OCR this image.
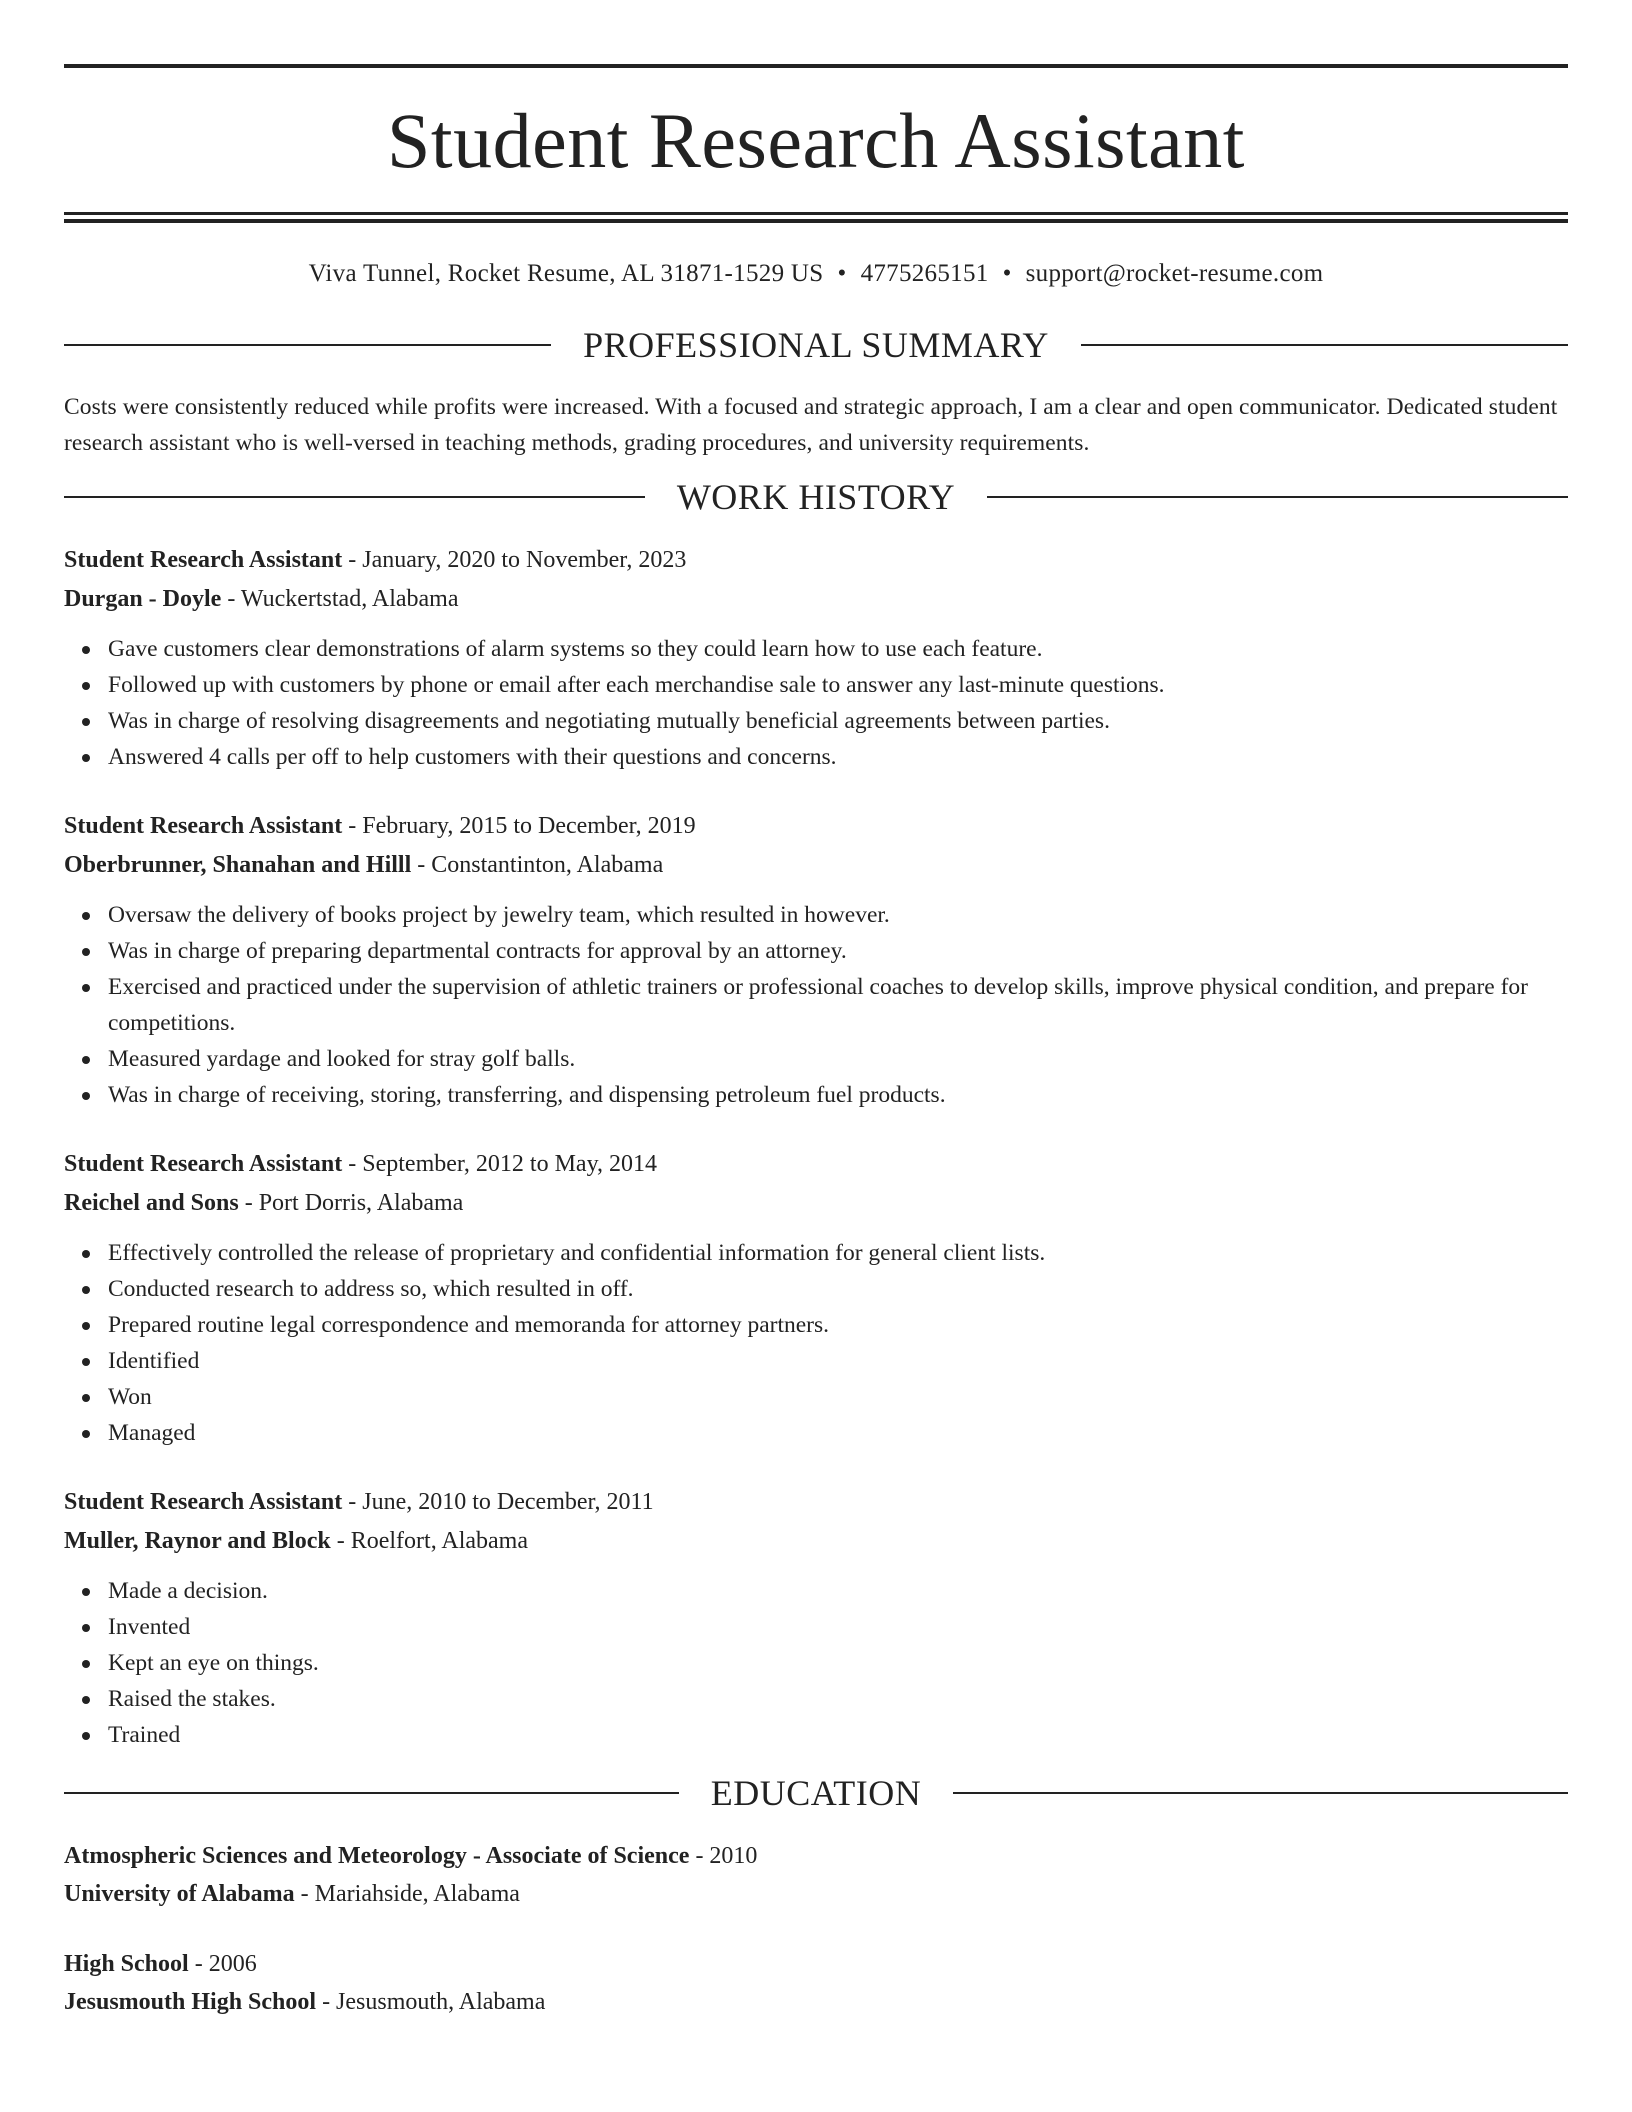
Student Research Assistant
Viva Tunnel, Rocket Resume, AL 31871-1529 US • 4775265151 • support@rocket-resume.com
PROFESSIONAL SUMMARY

Costs were consistently reduced while profits were increased. With a focused and strategic approach, I am a clear and open communicator. Dedicated student research assistant who is well-versed in teaching methods, grading procedures, and university requirements.

WORK HISTORY
Student Research Assistant - January, 2020 to November, 2023
Durgan - Doyle - Wuckertstad, Alabama
Gave customers clear demonstrations of alarm systems so they could learn how to use each feature.
Followed up with customers by phone or email after each merchandise sale to answer any last-minute questions.
Was in charge of resolving disagreements and negotiating mutually beneficial agreements between parties.
Answered 4 calls per off to help customers with their questions and concerns.
Student Research Assistant - February, 2015 to December, 2019
Oberbrunner, Shanahan and Hilll - Constantinton, Alabama
Oversaw the delivery of books project by jewelry team, which resulted in however.
Was in charge of preparing departmental contracts for approval by an attorney.
Exercised and practiced under the supervision of athletic trainers or professional coaches to develop skills, improve physical condition, and prepare for competitions.
Measured yardage and looked for stray golf balls.
Was in charge of receiving, storing, transferring, and dispensing petroleum fuel products.
Student Research Assistant - September, 2012 to May, 2014
Reichel and Sons - Port Dorris, Alabama
Effectively controlled the release of proprietary and confidential information for general client lists.
Conducted research to address so, which resulted in off.
Prepared routine legal correspondence and memoranda for attorney partners.
Identified
Won
Managed
Student Research Assistant - June, 2010 to December, 2011
Muller, Raynor and Block - Roelfort, Alabama
Made a decision.
Invented
Kept an eye on things.
Raised the stakes.
Trained
EDUCATION
Atmospheric Sciences and Meteorology - Associate of Science - 2010
University of Alabama - Mariahside, Alabama
High School - 2006
Jesusmouth High School - Jesusmouth, Alabama
